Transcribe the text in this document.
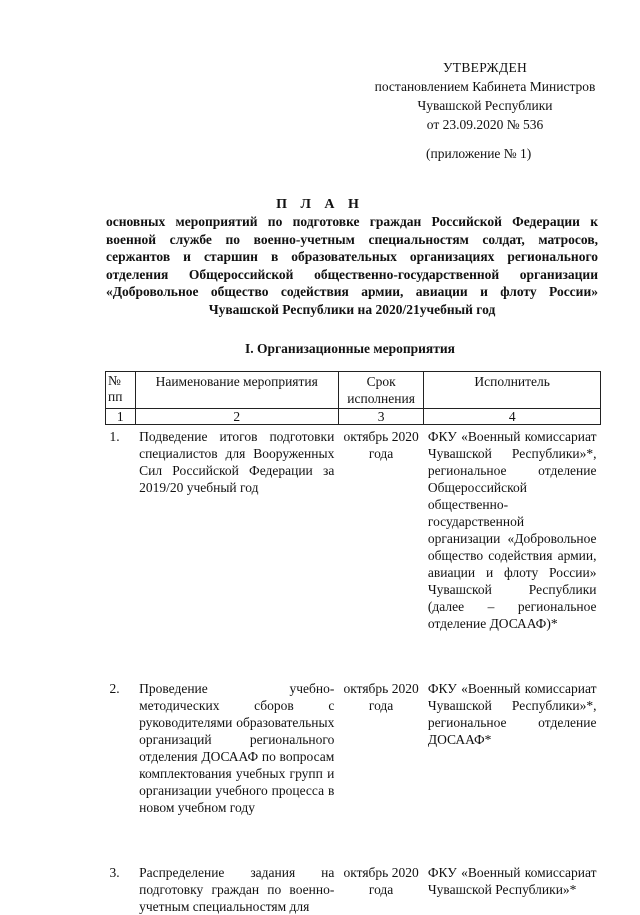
УТВЕРЖДЕН
постановлением Кабинета Министров
Чувашской Республики
от 23.09.2020 № 536
(приложение № 1)
П Л А Н
основных мероприятий по подготовке граждан Российской Федерации к военной службе по военно-учетным специальностям солдат, матросов, сержантов и старшин в образовательных организациях регионального отделения Общероссийской общественно-государственной организации «Добровольное общество содействия армии, авиации и флоту России» Чувашской Республики на 2020/21учебный год
I. Организационные мероприятия
№ пп	Наименование мероприятия	Срок исполнения	Исполнитель
1	2	3	4
1.	Подведение итогов подготовки специалистов для Вооруженных Сил Российской Федерации за 2019/20 учебный год	октябрь 2020 года	ФКУ «Военный комиссариат Чувашской Республики»*, региональное отделение Общероссийской общественно-государственной организации «Добровольное общество содействия армии, авиации и флоту России» Чувашской Республики (далее – региональное отделение ДОСААФ)*
2.	Проведение учебно-методических сборов с руководителями образовательных организаций регионального отделения ДОСААФ по вопросам комплектования учебных групп и организации учебного процесса в новом учебном году	октябрь 2020 года	ФКУ «Военный комиссариат Чувашской Республики»*, региональное отделение ДОСААФ*
3.	Распределение задания на подготовку граждан по военно-учетным специальностям для	октябрь 2020 года	ФКУ «Военный комиссариат Чувашской Республики»*
